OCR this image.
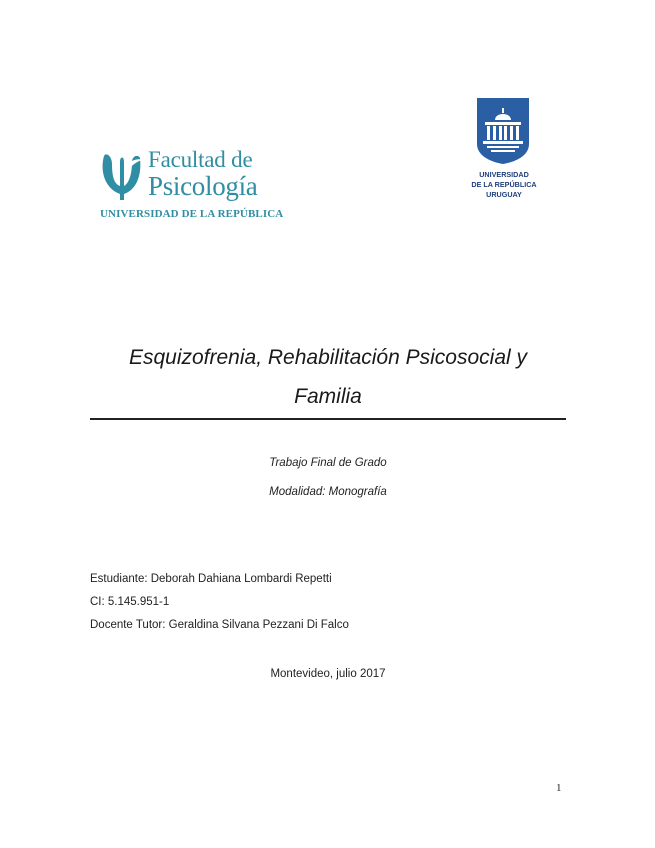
Facultad de
Psicología
UNIVERSIDAD DE LA REPÚBLICA
UNIVERSIDAD
DE LA REPÚBLICA
URUGUAY
Esquizofrenia, Rehabilitación Psicosocial y
Familia
Trabajo Final de Grado
Modalidad: Monografía
Estudiante: Deborah Dahiana Lombardi Repetti
CI: 5.145.951-1
Docente Tutor: Geraldina Silvana Pezzani Di Falco
Montevideo, julio 2017
1
